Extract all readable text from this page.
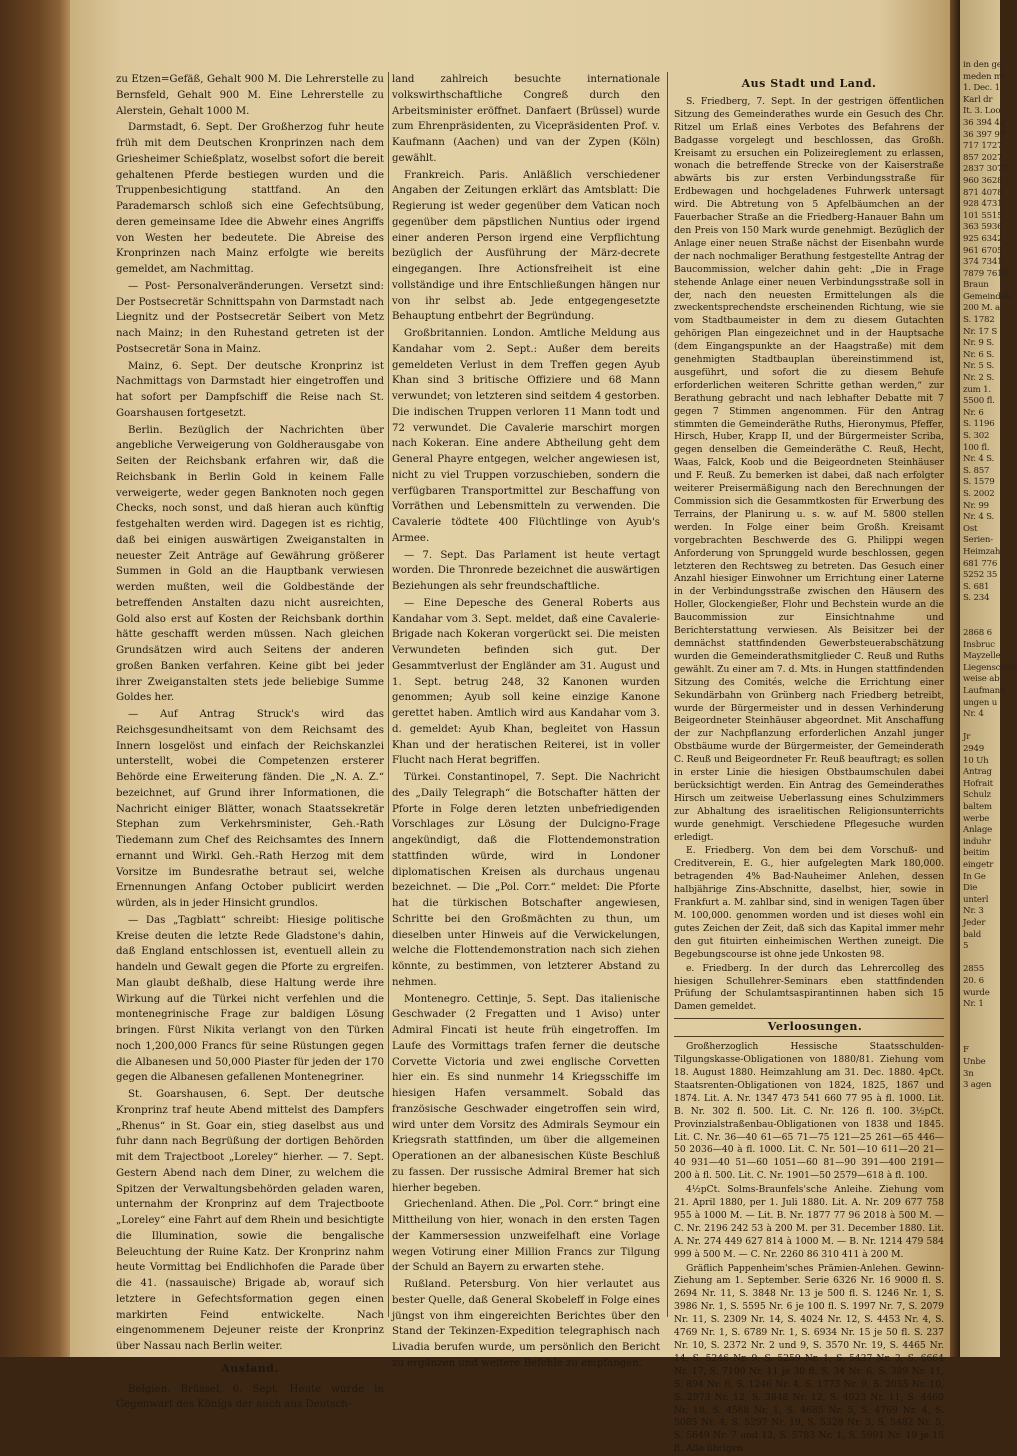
zu Etzen=Gefäß, Gehalt 900 M. Die Lehrerstelle zu Bernsfeld, Gehalt 900 M. Eine Lehrerstelle zu Alerstein, Gehalt 1000 M.

Darmstadt, 6. Sept. Der Großherzog fuhr heute früh mit dem Deutschen Kronprinzen nach dem Griesheimer Schießplatz, woselbst sofort die bereit gehaltenen Pferde bestiegen wurden und die Truppenbesichtigung stattfand. An den Parademarsch schloß sich eine Gefechtsübung, deren gemeinsame Idee die Abwehr eines Angriffs von Westen her bedeutete. Die Abreise des Kronprinzen nach Mainz erfolgte wie bereits gemeldet, am Nachmittag.

— Post- Personalveränderungen. Versetzt sind: Der Postsecretär Schnittspahn von Darmstadt nach Liegnitz und der Postsecretär Seibert von Metz nach Mainz; in den Ruhestand getreten ist der Postsecretär Sona in Mainz.

Mainz, 6. Sept. Der deutsche Kronprinz ist Nachmittags von Darmstadt hier eingetroffen und hat sofort per Dampfschiff die Reise nach St. Goarshausen fortgesetzt.

Berlin. Bezüglich der Nachrichten über angebliche Verweigerung von Goldherausgabe von Seiten der Reichsbank erfahren wir, daß die Reichsbank in Berlin Gold in keinem Falle verweigerte, weder gegen Banknoten noch gegen Checks, noch sonst, und daß hieran auch künftig festgehalten werden wird. Dagegen ist es richtig, daß bei einigen auswärtigen Zweiganstalten in neuester Zeit Anträge auf Gewährung größerer Summen in Gold an die Hauptbank verwiesen werden mußten, weil die Goldbestände der betreffenden Anstalten dazu nicht ausreichten, Gold also erst auf Kosten der Reichsbank dorthin hätte geschafft werden müssen. Nach gleichen Grundsätzen wird auch Seitens der anderen großen Banken verfahren. Keine gibt bei jeder ihrer Zweiganstalten stets jede beliebige Summe Goldes her.

— Auf Antrag Struck's wird das Reichsgesundheitsamt von dem Reichsamt des Innern losgelöst und einfach der Reichskanzlei unterstellt, wobei die Competenzen ersterer Behörde eine Erweiterung fänden. Die „N. A. Z.“ bezeichnet, auf Grund ihrer Informationen, die Nachricht einiger Blätter, wonach Staatssekretär Stephan zum Verkehrsminister, Geh.-Rath Tiedemann zum Chef des Reichsamtes des Innern ernannt und Wirkl. Geh.-Rath Herzog mit dem Vorsitze im Bundesrathe betraut sei, welche Ernennungen Anfang October publicirt werden würden, als in jeder Hinsicht grundlos.

— Das „Tagblatt“ schreibt: Hiesige politische Kreise deuten die letzte Rede Gladstone's dahin, daß England entschlossen ist, eventuell allein zu handeln und Gewalt gegen die Pforte zu ergreifen. Man glaubt deßhalb, diese Haltung werde ihre Wirkung auf die Türkei nicht verfehlen und die montenegrinische Frage zur baldigen Lösung bringen. Fürst Nikita verlangt von den Türken noch 1,200,000 Francs für seine Rüstungen gegen die Albanesen und 50,000 Piaster für jeden der 170 gegen die Albanesen gefallenen Montenegriner.

St. Goarshausen, 6. Sept. Der deutsche Kronprinz traf heute Abend mittelst des Dampfers „Rhenus“ in St. Goar ein, stieg daselbst aus und fuhr dann nach Begrüßung der dortigen Behörden mit dem Trajectboot „Loreley“ hierher. — 7. Sept. Gestern Abend nach dem Diner, zu welchem die Spitzen der Verwaltungsbehörden geladen waren, unternahm der Kronprinz auf dem Trajectboote „Loreley“ eine Fahrt auf dem Rhein und besichtigte die Illumination, sowie die bengalische Beleuchtung der Ruine Katz. Der Kronprinz nahm heute Vormittag bei Endlichhofen die Parade über die 41. (nassauische) Brigade ab, worauf sich letztere in Gefechtsformation gegen einen markirten Feind entwickelte. Nach eingenommenem Dejeuner reiste der Kronprinz über Nassau nach Berlin weiter.

Ausland.

Belgien. Brüssel, 6. Sept. Heute wurde in Gegenwart des Königs der auch aus Deutsch-

land zahlreich besuchte internationale volkswirthschaftliche Congreß durch den Arbeitsminister eröffnet. Danfaert (Brüssel) wurde zum Ehrenpräsidenten, zu Vicepräsidenten Prof. v. Kaufmann (Aachen) und van der Zypen (Köln) gewählt.

Frankreich. Paris. Anläßlich verschiedener Angaben der Zeitungen erklärt das Amtsblatt: Die Regierung ist weder gegenüber dem Vatican noch gegenüber dem päpstlichen Nuntius oder irgend einer anderen Person irgend eine Verpflichtung bezüglich der Ausführung der März-decrete eingegangen. Ihre Actionsfreiheit ist eine vollständige und ihre Entschließungen hängen nur von ihr selbst ab. Jede entgegengesetzte Behauptung entbehrt der Begründung.

Großbritannien. London. Amtliche Meldung aus Kandahar vom 2. Sept.: Außer dem bereits gemeldeten Verlust in dem Treffen gegen Ayub Khan sind 3 britische Offiziere und 68 Mann verwundet; von letzteren sind seitdem 4 gestorben. Die indischen Truppen verloren 11 Mann todt und 72 verwundet. Die Cavalerie marschirt morgen nach Kokeran. Eine andere Abtheilung geht dem General Phayre entgegen, welcher angewiesen ist, nicht zu viel Truppen vorzuschieben, sondern die verfügbaren Transportmittel zur Beschaffung von Vorräthen und Lebensmitteln zu verwenden. Die Cavalerie tödtete 400 Flüchtlinge von Ayub's Armee.

— 7. Sept. Das Parlament ist heute vertagt worden. Die Thronrede bezeichnet die auswärtigen Beziehungen als sehr freundschaftliche.

— Eine Depesche des General Roberts aus Kandahar vom 3. Sept. meldet, daß eine Cavalerie-Brigade nach Kokeran vorgerückt sei. Die meisten Verwundeten befinden sich gut. Der Gesammtverlust der Engländer am 31. August und 1. Sept. betrug 248, 32 Kanonen wurden genommen; Ayub soll keine einzige Kanone gerettet haben. Amtlich wird aus Kandahar vom 3. d. gemeldet: Ayub Khan, begleitet von Hassun Khan und der heratischen Reiterei, ist in voller Flucht nach Herat begriffen.

Türkei. Constantinopel, 7. Sept. Die Nachricht des „Daily Telegraph“ die Botschafter hätten der Pforte in Folge deren letzten unbefriedigenden Vorschlages zur Lösung der Dulcigno-Frage angekündigt, daß die Flottendemonstration stattfinden würde, wird in Londoner diplomatischen Kreisen als durchaus ungenau bezeichnet. — Die „Pol. Corr.“ meldet: Die Pforte hat die türkischen Botschafter angewiesen, Schritte bei den Großmächten zu thun, um dieselben unter Hinweis auf die Verwickelungen, welche die Flottendemonstration nach sich ziehen könnte, zu bestimmen, von letzterer Abstand zu nehmen.

Montenegro. Cettinje, 5. Sept. Das italienische Geschwader (2 Fregatten und 1 Aviso) unter Admiral Fincati ist heute früh eingetroffen. Im Laufe des Vormittags trafen ferner die deutsche Corvette Victoria und zwei englische Corvetten hier ein. Es sind nunmehr 14 Kriegsschiffe im hiesigen Hafen versammelt. Sobald das französische Geschwader eingetroffen sein wird, wird unter dem Vorsitz des Admirals Seymour ein Kriegsrath stattfinden, um über die allgemeinen Operationen an der albanesischen Küste Beschluß zu fassen. Der russische Admiral Bremer hat sich hierher begeben.

Griechenland. Athen. Die „Pol. Corr.“ bringt eine Mittheilung von hier, wonach in den ersten Tagen der Kammersession unzweifelhaft eine Vorlage wegen Votirung einer Million Francs zur Tilgung der Schuld an Bayern zu erwarten stehe.

Rußland. Petersburg. Von hier verlautet aus bester Quelle, daß General Skobeleff in Folge eines jüngst von ihm eingereichten Berichtes über den Stand der Tekinzen-Expedition telegraphisch nach Livadia berufen wurde, um persönlich den Bericht zu ergänzen und weitere Befehle zu empfangen.

Aus Stadt und Land.

S. Friedberg, 7. Sept. In der gestrigen öffentlichen Sitzung des Gemeinderathes wurde ein Gesuch des Chr. Ritzel um Erlaß eines Verbotes des Befahrens der Badgasse vorgelegt und beschlossen, das Großh. Kreisamt zu ersuchen ein Polizeireglement zu erlassen, wonach die betreffende Strecke von der Kaiserstraße abwärts bis zur ersten Verbindungsstraße für Erdbewagen und hochgeladenes Fuhrwerk untersagt wird. Die Abtretung von 5 Apfelbäumchen an der Fauerbacher Straße an die Friedberg-Hanauer Bahn um den Preis von 150 Mark wurde genehmigt. Bezüglich der Anlage einer neuen Straße nächst der Eisenbahn wurde der nach nochmaliger Berathung festgestellte Antrag der Baucommission, welcher dahin geht: „Die in Frage stehende Anlage einer neuen Verbindungsstraße soll in der, nach den neuesten Ermittelungen als die zweckentsprechendste erscheinenden Richtung, wie sie vom Stadtbaumeister in dem zu diesem Gutachten gehörigen Plan eingezeichnet und in der Hauptsache (dem Eingangspunkte an der Haagstraße) mit dem genehmigten Stadtbauplan übereinstimmend ist, ausgeführt, und sofort die zu diesem Behufe erforderlichen weiteren Schritte gethan werden,“ zur Berathung gebracht und nach lebhafter Debatte mit 7 gegen 7 Stimmen angenommen. Für den Antrag stimmten die Gemeinderäthe Ruths, Hieronymus, Pfeffer, Hirsch, Huber, Krapp II, und der Bürgermeister Scriba, gegen denselben die Gemeinderäthe C. Reuß, Hecht, Waas, Falck, Koob und die Beigeordneten Steinhäuser und F. Reuß. Zu bemerken ist dabei, daß nach erfolgter weiterer Preisermäßigung nach den Berechnungen der Commission sich die Gesammtkosten für Erwerbung des Terrains, der Planirung u. s. w. auf M. 5800 stellen werden. In Folge einer beim Großh. Kreisamt vorgebrachten Beschwerde des G. Philippi wegen Anforderung von Sprunggeld wurde beschlossen, gegen letzteren den Rechtsweg zu betreten. Das Gesuch einer Anzahl hiesiger Einwohner um Errichtung einer Laterne in der Verbindungsstraße zwischen den Häusern des Holler, Glockengießer, Flohr und Bechstein wurde an die Baucommission zur Einsichtnahme und Berichterstattung verwiesen. Als Beisitzer bei der demnächst stattfindenden Gewerbsteuerabschätzung wurden die Gemeinderathsmitglieder C. Reuß und Ruths gewählt. Zu einer am 7. d. Mts. in Hungen stattfindenden Sitzung des Comités, welche die Errichtung einer Sekundärbahn von Grünberg nach Friedberg betreibt, wurde der Bürgermeister und in dessen Verhinderung Beigeordneter Steinhäuser abgeordnet. Mit Anschaffung der zur Nachpflanzung erforderlichen Anzahl junger Obstbäume wurde der Bürgermeister, der Gemeinderath C. Reuß und Beigeordneter Fr. Reuß beauftragt; es sollen in erster Linie die hiesigen Obstbaumschulen dabei berücksichtigt werden. Ein Antrag des Gemeinderathes Hirsch um zeitweise Ueberlassung eines Schulzimmers zur Abhaltung des israelitischen Religionsunterrichts wurde genehmigt. Verschiedene Pflegesuche wurden erledigt.

E. Friedberg. Von dem bei dem Vorschuß- und Creditverein, E. G., hier aufgelegten Mark 180,000. betragenden 4% Bad-Nauheimer Anlehen, dessen halbjährige Zins-Abschnitte, daselbst, hier, sowie in Frankfurt a. M. zahlbar sind, sind in wenigen Tagen über M. 100,000. genommen worden und ist dieses wohl ein gutes Zeichen der Zeit, daß sich das Kapital immer mehr den gut fituirten einheimischen Werthen zuneigt. Die Begebungscourse ist ohne jede Unkosten 98.

e. Friedberg. In der durch das Lehrercolleg des hiesigen Schullehrer-Seminars eben stattfindenden Prüfung der Schulamtsaspirantinnen haben sich 15 Damen gemeldet.

Verloosungen.

Großherzoglich Hessische Staatsschulden-Tilgungskasse-Obligationen von 1880/81. Ziehung vom 18. August 1880. Heimzahlung am 31. Dec. 1880. 4pCt. Staatsrenten-Obligationen von 1824, 1825, 1867 und 1874. Lit. A. Nr. 1347 473 541 660 77 95 à fl. 1000. Lit. B. Nr. 302 fl. 500. Lit. C. Nr. 126 fl. 100. 3½pCt. Provinzialstraßenbau-Obligationen von 1838 und 1845. Lit. C. Nr. 36—40 61—65 71—75 121—25 261—65 446—50 2036—40 à fl. 1000. Lit. C. Nr. 501—10 611—20 21—40 931—40 51—60 1051—60 81—90 391—400 2191—200 à fl. 500. Lit. C. Nr. 1901—50 2579—618 à fl. 100.

4½pCt. Solms-Braunfels'sche Anleihe. Ziehung vom 21. April 1880, per 1. Juli 1880. Lit. A. Nr. 209 677 758 955 à 1000 M. — Lit. B. Nr. 1877 77 96 2018 à 500 M. — C. Nr. 2196 242 53 à 200 M. per 31. December 1880. Lit. A. Nr. 274 449 627 814 à 1000 M. — B. Nr. 1214 479 584 999 à 500 M. — C. Nr. 2260 86 310 411 à 200 M.

Gräflich Pappenheim'sches Prämien-Anlehen. Gewinn-Ziehung am 1. September. Serie 6326 Nr. 16 9000 fl. S. 2694 Nr. 11, S. 3848 Nr. 13 je 500 fl. S. 1246 Nr. 1, S. 3986 Nr. 1, S. 5595 Nr. 6 je 100 fl. S. 1997 Nr. 7, S. 2079 Nr. 11, S. 2309 Nr. 14, S. 4024 Nr. 12, S. 4453 Nr. 4, S. 4769 Nr. 1, S. 6789 Nr. 1, S. 6934 Nr. 15 je 50 fl. S. 237 Nr. 10, S. 2372 Nr. 2 und 9, S. 3570 Nr. 19, S. 4465 Nr. 14, S. 5246 Nr. 9, S. 5259 Nr. 1, S. 5437 Nr. 3, S. 6664 Nr. 17, S. 7100 Nr. 11 je 30 fl. S. 34 Nr. 6, S. 389 Nr. 11, S. 894 Nr. 6, S. 1246 Nr. 4, S. 1773 Nr. 9, S. 2055 Nr. 10, S. 2973 Nr. 12, S. 3848 Nr. 12, S. 4023 Nr. 11, S. 4460 Nr. 18, S. 4568 Nr. 1, S. 4685 Nr. 5, S. 4769 Nr. 4, S. 5085 Nr. 4, S. 5297 Nr. 19, S. 5328 Nr. 3, S. 5482 Nr. 5, S. 5649 Nr. 7 und 12, S. 5783 Nr. 1, S. 5991 Nr. 19 je 15 fl. Alle übrigen

in den ge
meden mi
1. Dec. 1
Karl dr
It. 3. Loo
36 394 42
36 397 97
717 1727
857 2027
2837 3077
960 3628
871 4078
928 4731
101 5515
363 5936
925 6342
961 6705
374 7341
7879 7619
Braun
Gemeindeb
200 M. a
S. 1782
Nr. 17 S
Nr. 9 S.
Nr. 6 S.
Nr. 5 S.
Nr. 2 S.
zum 1.
5500 fl.
Nr. 6
S. 1196
S. 302
100 fl.
Nr. 4 S.
S. 857
S. 1579
S. 2002
Nr. 99
Nr. 4 S.
Ost
Serien-
Heimzah
681 776
5252 35
S. 681
S. 234

2868 6
Insbruc
Mayzelle
Liegenschaft
weise ab
Laufmann
ungen u
Nr. 4

Jr
2949
10 Uh
Antrag
Hofrait
Schulz
baltem
werbe
Anlage
induhr
beitim
eingetr
In Ge
Die
unterl
Nr. 3
Jeder
bald
5

2855
20. 6
wurde
Nr. 1

F
Unbe
3n
3 agen
